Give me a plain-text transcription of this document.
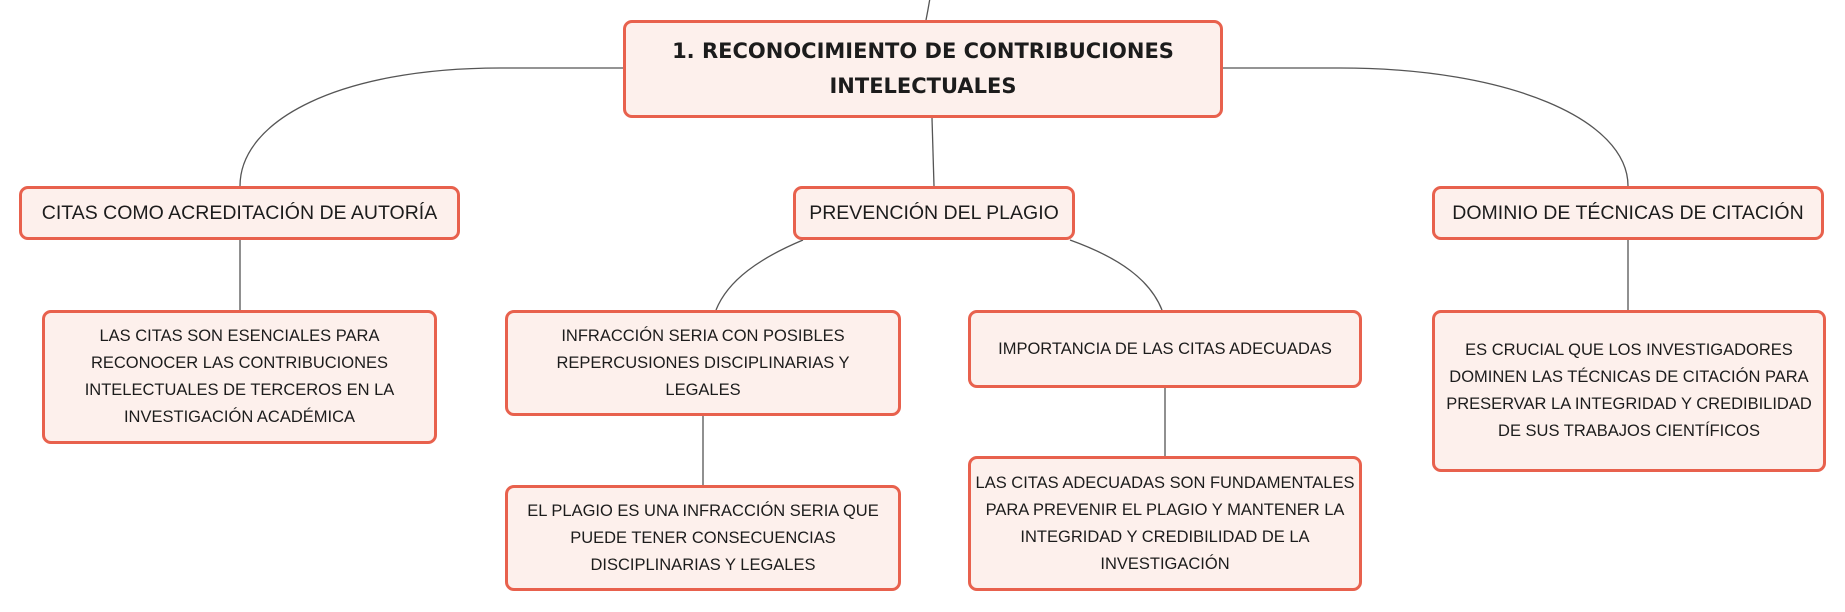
1. RECONOCIMIENTO DE CONTRIBUCIONES INTELECTUALES
CITAS COMO ACREDITACIÓN DE AUTORÍA	PREVENCIÓN DEL PLAGIO	DOMINIO DE TÉCNICAS DE CITACIÓN
LAS CITAS SON ESENCIALES PARA RECONOCER LAS CONTRIBUCIONES INTELECTUALES DE TERCEROS EN LA INVESTIGACIÓN ACADÉMICA
INFRACCIÓN SERIA CON POSIBLES REPERCUSIONES DISCIPLINARIAS Y LEGALES
IMPORTANCIA DE LAS CITAS ADECUADAS
EL PLAGIO ES UNA INFRACCIÓN SERIA QUE PUEDE TENER CONSECUENCIAS DISCIPLINARIAS Y LEGALES
LAS CITAS ADECUADAS SON FUNDAMENTALES PARA PREVENIR EL PLAGIO Y MANTENER LA INTEGRIDAD Y CREDIBILIDAD DE LA INVESTIGACIÓN
ES CRUCIAL QUE LOS INVESTIGADORES DOMINEN LAS TÉCNICAS DE CITACIÓN PARA PRESERVAR LA INTEGRIDAD Y CREDIBILIDAD DE SUS TRABAJOS CIENTÍFICOS
